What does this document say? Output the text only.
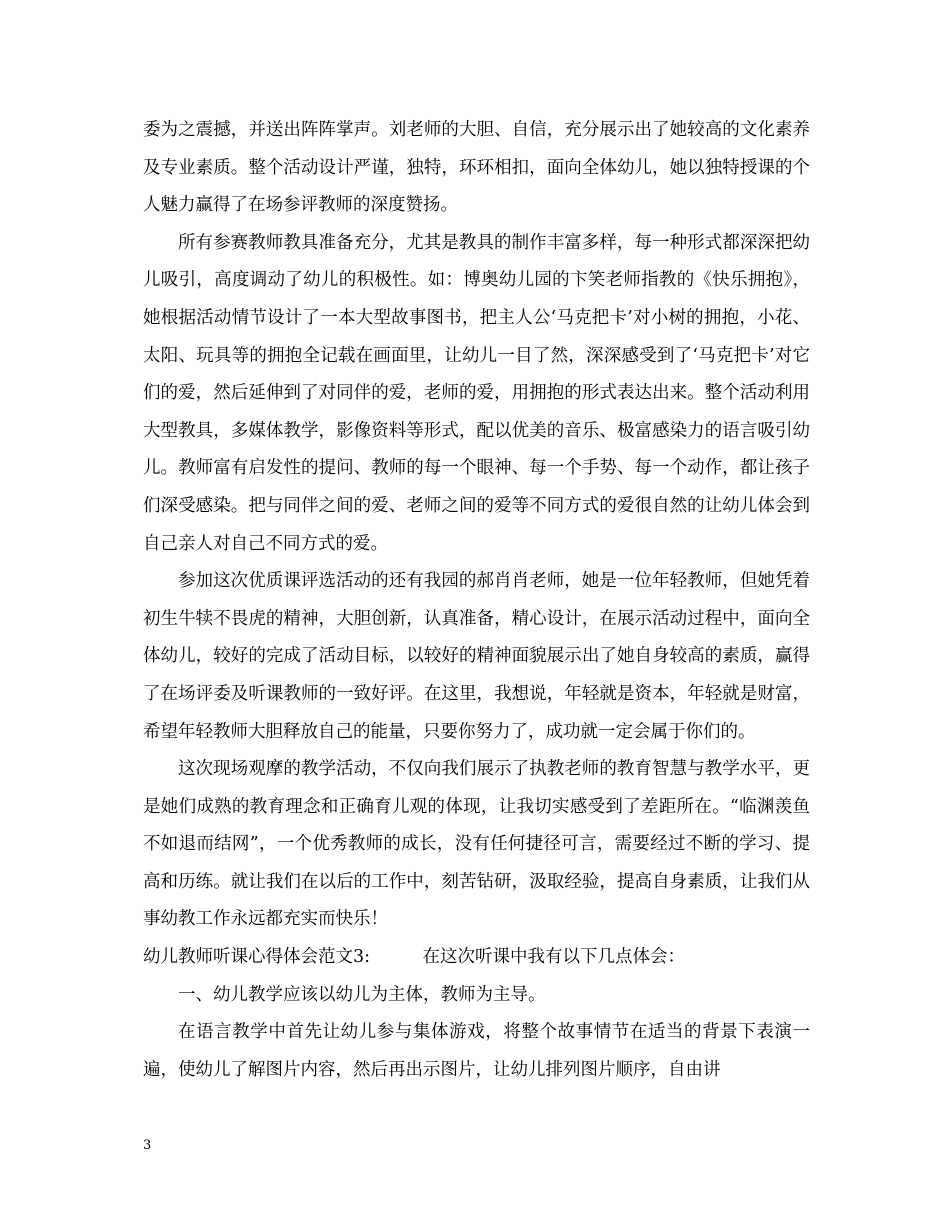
委为之震撼，并送出阵阵掌声。刘老师的大胆、自信，充分展示出了她较高的文化素养及专业素质。整个活动设计严谨，独特，环环相扣，面向全体幼儿，她以独特授课的个人魅力赢得了在场参评教师的深度赞扬。

所有参赛教师教具准备充分，尤其是教具的制作丰富多样，每一种形式都深深把幼儿吸引，高度调动了幼儿的积极性。如：博奥幼儿园的卞笑老师指教的《快乐拥抱》，她根据活动情节设计了一本大型故事图书，把主人公‘马克把卡’对小树的拥抱，小花、太阳、玩具等的拥抱全记载在画面里，让幼儿一目了然，深深感受到了‘马克把卡’对它们的爱，然后延伸到了对同伴的爱，老师的爱，用拥抱的形式表达出来。整个活动利用大型教具，多媒体教学，影像资料等形式，配以优美的音乐、极富感染力的语言吸引幼儿。教师富有启发性的提问、教师的每一个眼神、每一个手势、每一个动作，都让孩子们深受感染。把与同伴之间的爱、老师之间的爱等不同方式的爱很自然的让幼儿体会到自己亲人对自己不同方式的爱。

参加这次优质课评选活动的还有我园的郝肖肖老师，她是一位年轻教师，但她凭着初生牛犊不畏虎的精神，大胆创新，认真准备，精心设计，在展示活动过程中，面向全体幼儿，较好的完成了活动目标，以较好的精神面貌展示出了她自身较高的素质，赢得了在场评委及听课教师的一致好评。在这里，我想说，年轻就是资本，年轻就是财富，希望年轻教师大胆释放自己的能量，只要你努力了，成功就一定会属于你们的。

这次现场观摩的教学活动，不仅向我们展示了执教老师的教育智慧与教学水平，更是她们成熟的教育理念和正确育儿观的体现，让我切实感受到了差距所在。“临渊羡鱼不如退而结网”，一个优秀教师的成长，没有任何捷径可言，需要经过不断的学习、提高和历练。就让我们在以后的工作中，刻苦钻研，汲取经验，提高自身素质，让我们从事幼教工作永远都充实而快乐！

幼儿教师听课心得体会范文3:　　　在这次听课中我有以下几点体会：

一、幼儿教学应该以幼儿为主体，教师为主导。

在语言教学中首先让幼儿参与集体游戏，将整个故事情节在适当的背景下表演一遍，使幼儿了解图片内容，然后再出示图片，让幼儿排列图片顺序，自由讲

3
